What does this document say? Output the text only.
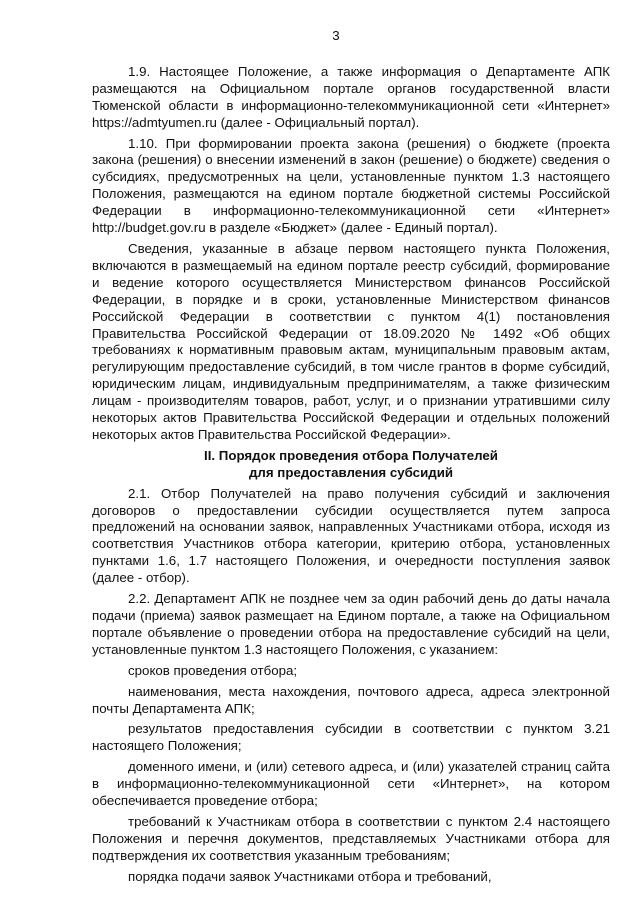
3

1.9. Настоящее Положение, а также информация о Департаменте АПК размещаются на Официальном портале органов государственной власти Тюменской области в информационно-телекоммуникационной сети «Интернет» https://admtyumen.ru (далее - Официальный портал).

1.10. При формировании проекта закона (решения) о бюджете (проекта закона (решения) о внесении изменений в закон (решение) о бюджете) сведения о субсидиях, предусмотренных на цели, установленные пунктом 1.3 настоящего Положения, размещаются на едином портале бюджетной системы Российской Федерации в информационно-телекоммуникационной сети «Интернет» http://budget.gov.ru в разделе «Бюджет» (далее - Единый портал).

Сведения, указанные в абзаце первом настоящего пункта Положения, включаются в размещаемый на едином портале реестр субсидий, формирование и ведение которого осуществляется Министерством финансов Российской Федерации, в порядке и в сроки, установленные Министерством финансов Российской Федерации в соответствии с пунктом 4(1) постановления Правительства Российской Федерации от 18.09.2020 № 1492 «Об общих требованиях к нормативным правовым актам, муниципальным правовым актам, регулирующим предоставление субсидий, в том числе грантов в форме субсидий, юридическим лицам, индивидуальным предпринимателям, а также физическим лицам - производителям товаров, работ, услуг, и о признании утратившими силу некоторых актов Правительства Российской Федерации и отдельных положений некоторых актов Правительства Российской Федерации».

II. Порядок проведения отбора Получателей
для предоставления субсидий

2.1. Отбор Получателей на право получения субсидий и заключения договоров о предоставлении субсидии осуществляется путем запроса предложений на основании заявок, направленных Участниками отбора, исходя из соответствия Участников отбора категории, критерию отбора, установленных пунктами 1.6, 1.7 настоящего Положения, и очередности поступления заявок (далее - отбор).

2.2. Департамент АПК не позднее чем за один рабочий день до даты начала подачи (приема) заявок размещает на Едином портале, а также на Официальном портале объявление о проведении отбора на предоставление субсидий на цели, установленные пунктом 1.3 настоящего Положения, с указанием:

сроков проведения отбора;

наименования, места нахождения, почтового адреса, адреса электронной почты Департамента АПК;

результатов предоставления субсидии в соответствии с пунктом 3.21 настоящего Положения;

доменного имени, и (или) сетевого адреса, и (или) указателей страниц сайта в информационно-телекоммуникационной сети «Интернет», на котором обеспечивается проведение отбора;

требований к Участникам отбора в соответствии с пунктом 2.4 настоящего Положения и перечня документов, представляемых Участниками отбора для подтверждения их соответствия указанным требованиям;

порядка подачи заявок Участниками отбора и требований,
